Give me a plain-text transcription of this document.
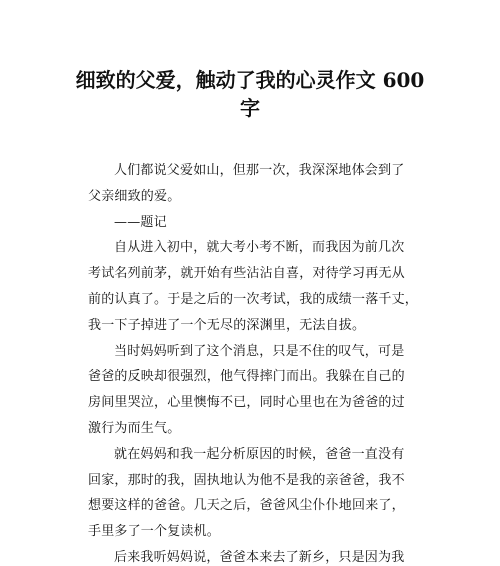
细致的父爱，触动了我的心灵作文 600
字

人们都说父爱如山，但那一次，我深深地体会到了
父亲细致的爱。

——题记

自从进入初中，就大考小考不断，而我因为前几次
考试名列前茅，就开始有些沾沾自喜，对待学习再无从
前的认真了。于是之后的一次考试，我的成绩一落千丈，
我一下子掉进了一个无尽的深渊里，无法自拔。

当时妈妈听到了这个消息，只是不住的叹气，可是
爸爸的反映却很强烈，他气得摔门而出。我躲在自己的
房间里哭泣，心里懊悔不已，同时心里也在为爸爸的过
激行为而生气。

就在妈妈和我一起分析原因的时候，爸爸一直没有
回家，那时的我，固执地认为他不是我的亲爸爸，我不
想要这样的爸爸。几天之后，爸爸风尘仆仆地回来了，
手里多了一个复读机。

后来我听妈妈说，爸爸本来去了新乡，只是因为我
